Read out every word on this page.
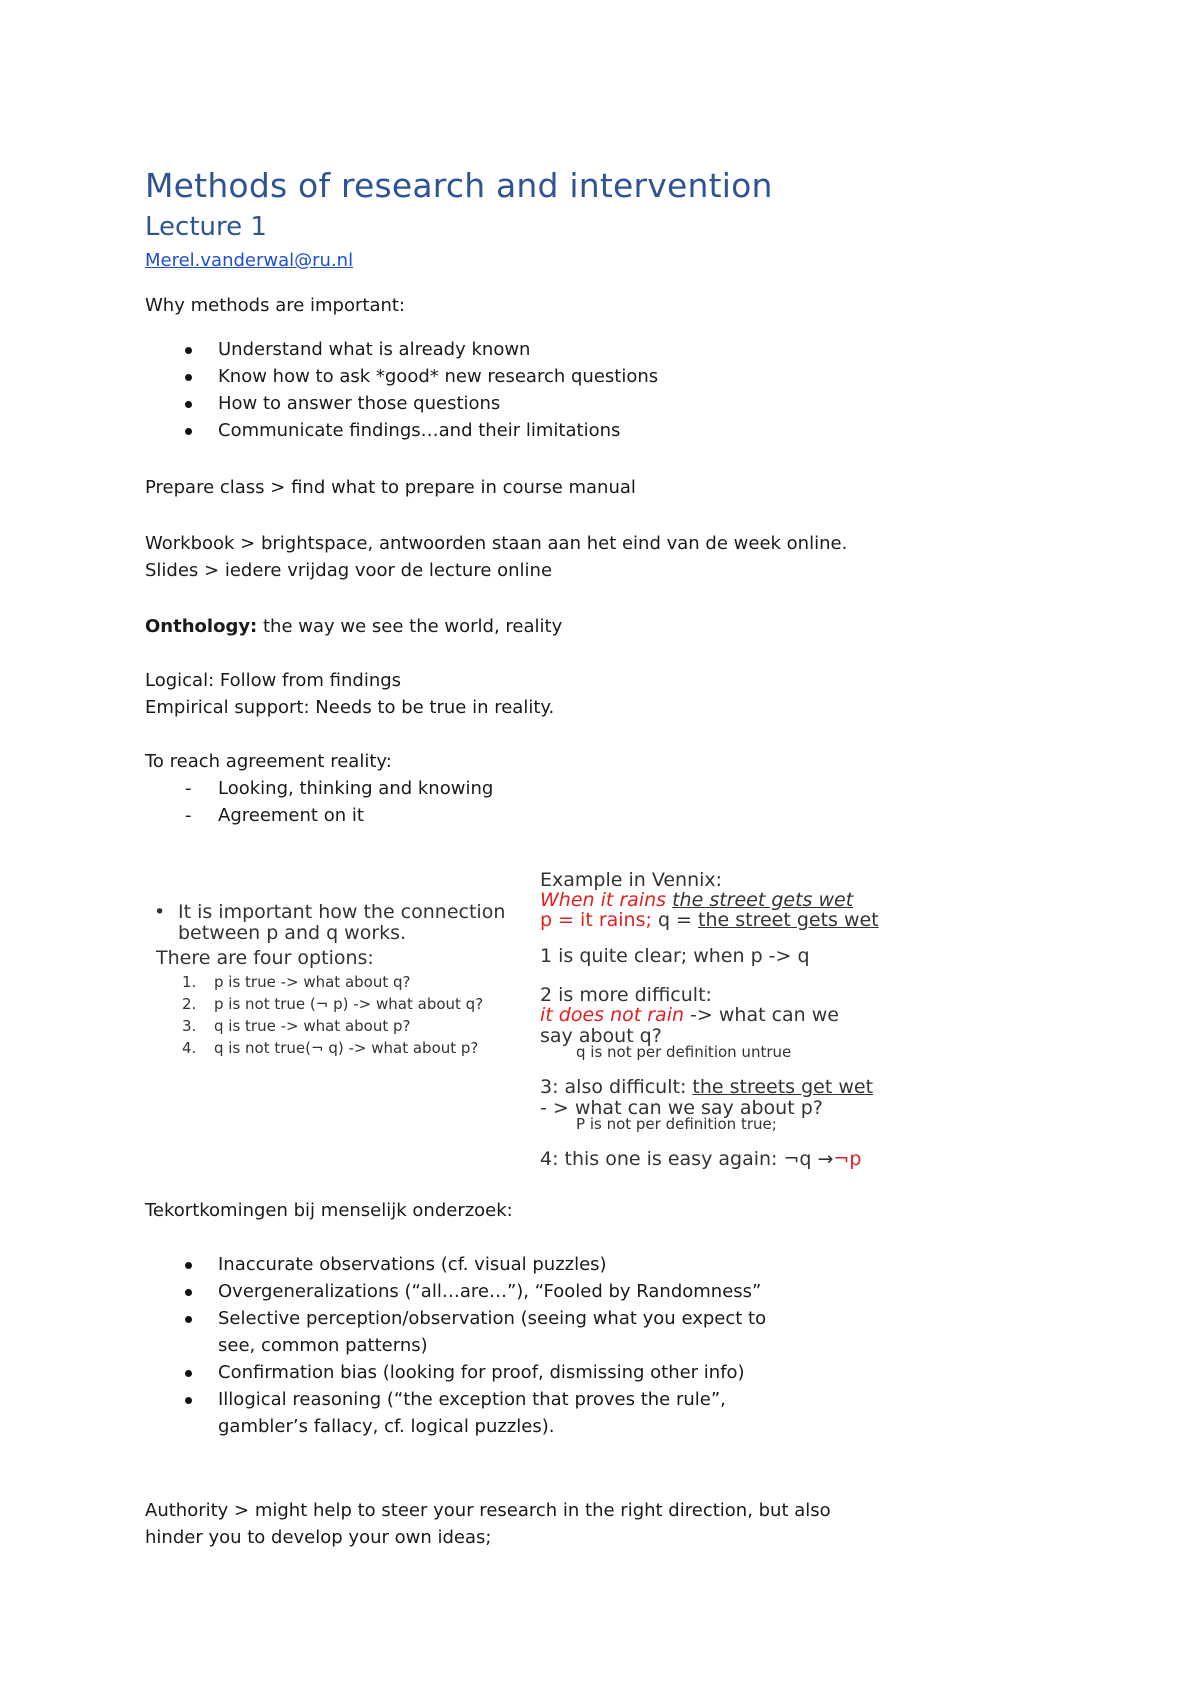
Methods of research and intervention
Lecture 1
Merel.vanderwal@ru.nl
Why methods are important:
Understand what is already known
Know how to ask *good* new research questions
How to answer those questions
Communicate findings…and their limitations
Prepare class > find what to prepare in course manual
Workbook > brightspace, antwoorden staan aan het eind van de week online.
Slides > iedere vrijdag voor de lecture online
Onthology: the way we see the world, reality
Logical: Follow from findings
Empirical support: Needs to be true in reality.
To reach agreement reality:
- Looking, thinking and knowing
- Agreement on it
• It is important how the connection between p and q works.
There are four options:
1. p is true -> what about q?
2. p is not true (¬ p) -> what about q?
3. q is true -> what about p?
4. q is not true(¬ q) -> what about p?
Example in Vennix:
When it rains the street gets wet
p = it rains; q = the street gets wet
1 is quite clear; when p -> q
2 is more difficult:
it does not rain -> what can we say about q?
q is not per definition untrue
3: also difficult: the streets get wet - > what can we say about p?
P is not per definition true;
4: this one is easy again: ¬q →¬p
Tekortkomingen bij menselijk onderzoek:
Inaccurate observations (cf. visual puzzles)
Overgeneralizations (“all…are…”), “Fooled by Randomness”
Selective perception/observation (seeing what you expect to see, common patterns)
Confirmation bias (looking for proof, dismissing other info)
Illogical reasoning (“the exception that proves the rule”, gambler’s fallacy, cf. logical puzzles).
Authority > might help to steer your research in the right direction, but also hinder you to develop your own ideas;
